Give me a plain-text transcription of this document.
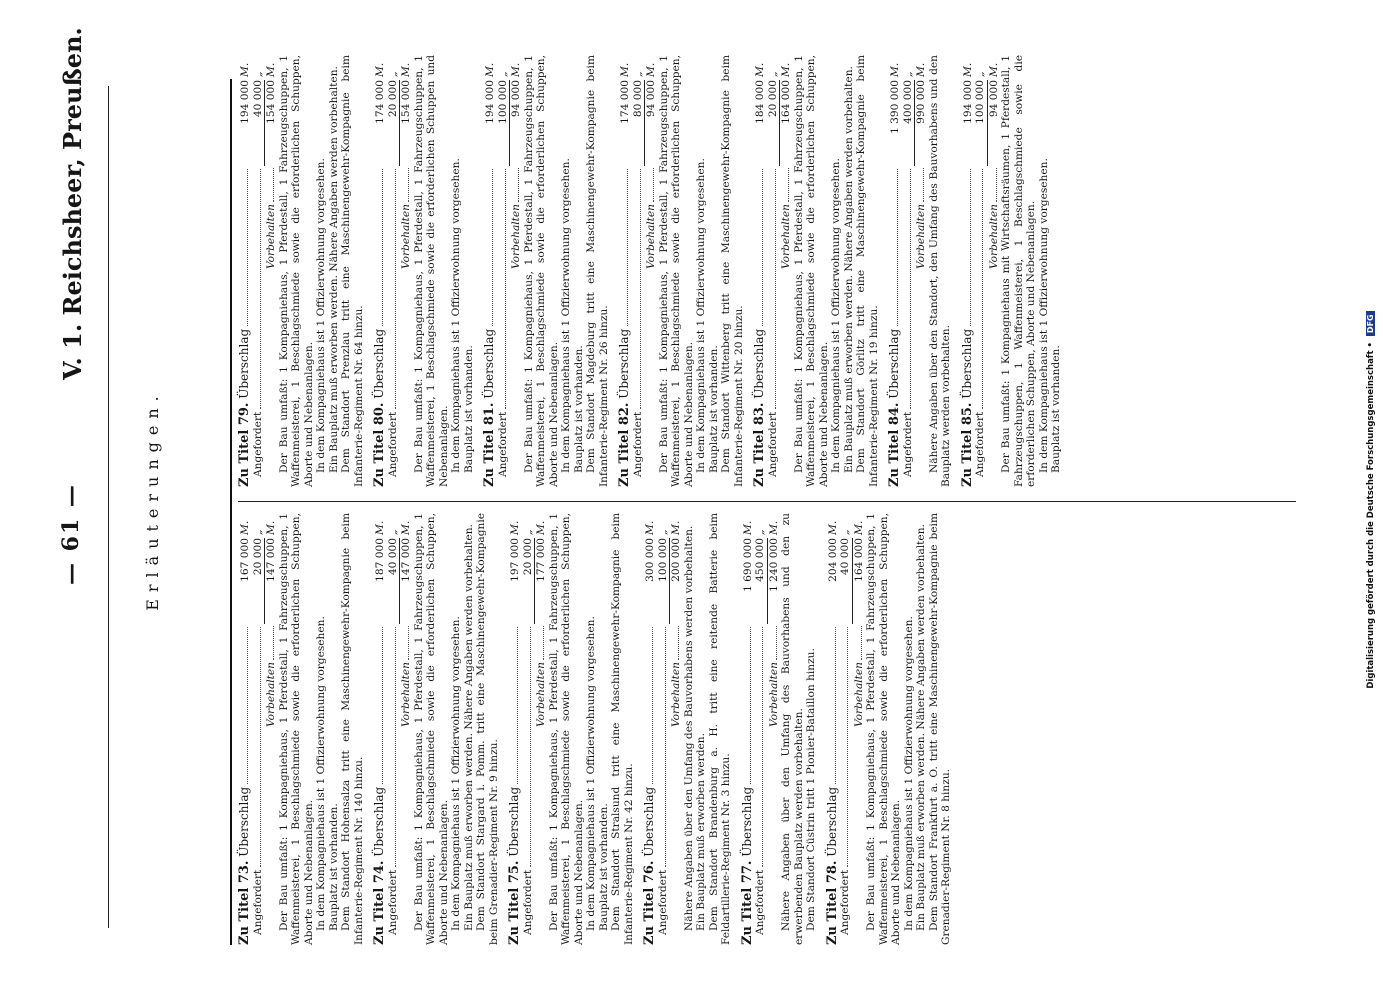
— 61 —
V. 1. Reichsheer, Preußen.
Erläuterungen.
Zu Titel 73. Überschlag
167 000
M.
Angefordert
20 000
„
Vorbehalten
147 000
M. Der Bau umfaßt: 1 Kompagniehaus, 1 Pferdestall, 1 Fahrzeugschuppen, 1 Waffenmeisterei, 1 Beschlagschmiede sowie die erforderlichen Schuppen, Aborte und Nebenanlagen. In dem Kompagniehaus ist 1 Offizierwohnung vorgesehen. Bauplatz ist vorhanden. Dem Standort Hohensalza tritt eine Maschinengewehr-Kompagnie beim Infanterie-Regiment Nr. 140 hinzu. Zu Titel 74. Überschlag
187 000
M.
Angefordert
40 000
„
Vorbehalten
147 000
M. Der Bau umfaßt: 1 Kompagniehaus, 1 Pferdestall, 1 Fahrzeugschuppen, 1 Waffenmeisterei, 1 Beschlagschmiede sowie die erforderlichen Schuppen, Aborte und Nebenanlagen. In dem Kompagniehaus ist 1 Offizierwohnung vorgesehen. Ein Bauplatz muß erworben werden. Nähere Angaben werden vorbehalten. Dem Standort Stargard i. Pomm. tritt eine Maschinengewehr-Kompagnie beim Grenadier-Regiment Nr. 9 hinzu. Zu Titel 75. Überschlag
197 000
M.
Angefordert
20 000
„
Vorbehalten
177 000
M. Der Bau umfaßt: 1 Kompagniehaus, 1 Pferdestall, 1 Fahrzeugschuppen, 1 Waffenmeisterei, 1 Beschlagschmiede sowie die erforderlichen Schuppen, Aborte und Nebenanlagen. In dem Kompagniehaus ist 1 Offizierwohnung vorgesehen. Bauplatz ist vorhanden. Dem Standort Stralsund tritt eine Maschinengewehr-Kompagnie beim Infanterie-Regiment Nr. 42 hinzu. Zu Titel 76. Überschlag
300 000
M.
Angefordert
100 000
„
Vorbehalten
200 000
M. Nähere Angaben über den Umfang des Bauvorhabens werden vorbehalten. Ein Bauplatz muß erworben werden. Dem Standort Brandenburg a. H. tritt eine reitende Batterie beim Feldartillerie-Regiment Nr. 3 hinzu. Zu Titel 77. Überschlag
1 690 000
M.
Angefordert
450 000
„
Vorbehalten
1 240 000
M. Nähere Angaben über den Umfang des Bauvorhabens und den zu erwerbenden Bauplatz werden vorbehalten. Dem Standort Cüstrin tritt 1 Pionier-Bataillon hinzu. Zu Titel 78. Überschlag
204 000
M.
Angefordert
40 000
„
Vorbehalten
164 000
M. Der Bau umfaßt: 1 Kompagniehaus, 1 Pferdestall, 1 Fahrzeugschuppen, 1 Waffenmeisterei, 1 Beschlagschmiede sowie die erforderlichen Schuppen, Aborte und Nebenanlagen. In dem Kompagniehaus ist 1 Offizierwohnung vorgesehen. Ein Bauplatz muß erworben werden. Nähere Angaben werden vorbehalten. Dem Standort Frankfurt a. O. tritt eine Maschinengewehr-Kompagnie beim Grenadier-Regiment Nr. 8 hinzu.
Zu Titel 79. Überschlag
194 000
M.
Angefordert
40 000
„
Vorbehalten
154 000
M. Der Bau umfaßt: 1 Kompagniehaus, 1 Pferdestall, 1 Fahrzeugschuppen, 1 Waffenmeisterei, 1 Beschlagschmiede sowie die erforderlichen Schuppen, Aborte und Nebenanlagen. In dem Kompagniehaus ist 1 Offizierwohnung vorgesehen. Ein Bauplatz muß erworben werden. Nähere Angaben werden vorbehalten. Dem Standort Prenzlau tritt eine Maschinengewehr-Kompagnie beim Infanterie-Regiment Nr. 64 hinzu. Zu Titel 80. Überschlag
174 000
M.
Angefordert
20 000
„
Vorbehalten
154 000
M. Der Bau umfaßt: 1 Kompagniehaus, 1 Pferdestall, 1 Fahrzeugschuppen, 1 Waffenmeisterei, 1 Beschlagschmiede sowie die erforderlichen Schuppen und Nebenanlagen. In dem Kompagniehaus ist 1 Offizierwohnung vorgesehen. Bauplatz ist vorhanden. Zu Titel 81. Überschlag
194 000
M.
Angefordert
100 000
„
Vorbehalten
94 000
M. Der Bau umfaßt: 1 Kompagniehaus, 1 Pferdestall, 1 Fahrzeugschuppen, 1 Waffenmeisterei, 1 Beschlagschmiede sowie die erforderlichen Schuppen, Aborte und Nebenanlagen. In dem Kompagniehaus ist 1 Offizierwohnung vorgesehen. Bauplatz ist vorhanden. Dem Standort Magdeburg tritt eine Maschinengewehr-Kompagnie beim Infanterie-Regiment Nr. 26 hinzu. Zu Titel 82. Überschlag
174 000
M.
Angefordert
80 000
„
Vorbehalten
94 000
M. Der Bau umfaßt: 1 Kompagniehaus, 1 Pferdestall, 1 Fahrzeugschuppen, 1 Waffenmeisterei, 1 Beschlagschmiede sowie die erforderlichen Schuppen, Aborte und Nebenanlagen. In dem Kompagniehaus ist 1 Offizierwohnung vorgesehen. Bauplatz ist vorhanden. Dem Standort Wittenberg tritt eine Maschinengewehr-Kompagnie beim Infanterie-Regiment Nr. 20 hinzu. Zu Titel 83. Überschlag
184 000
M.
Angefordert
20 000
„
Vorbehalten
164 000
M. Der Bau umfaßt: 1 Kompagniehaus, 1 Pferdestall, 1 Fahrzeugschuppen, 1 Waffenmeisterei, 1 Beschlagschmiede sowie die erforderlichen Schuppen, Aborte und Nebenanlagen. In dem Kompagniehaus ist 1 Offizierwohnung vorgesehen. Ein Bauplatz muß erworben werden. Nähere Angaben werden vorbehalten. Dem Standort Görlitz tritt eine Maschinengewehr-Kompagnie beim Infanterie-Regiment Nr. 19 hinzu. Zu Titel 84. Überschlag
1 390 000
M.
Angefordert
400 000
„
Vorbehalten
990 000
M. Nähere Angaben über den Standort, den Umfang des Bauvorhabens und den Bauplatz werden vorbehalten. Zu Titel 85. Überschlag
194 000
M.
Angefordert
100 000
„
Vorbehalten
94 000
M. Der Bau umfaßt: 1 Kompagniehaus mit Wirtschaftsräumen, 1 Pferdestall, 1 Fahrzeugschuppen, 1 Waffenmeisterei, 1 Beschlagschmiede sowie die erforderlichen Schuppen, Aborte und Nebenanlagen. In dem Kompagniehaus ist 1 Offizierwohnung vorgesehen. Bauplatz ist vorhanden.	Digitalisierung gefördert durch die Deutsche Forschungsgemeinschaft • DFG
